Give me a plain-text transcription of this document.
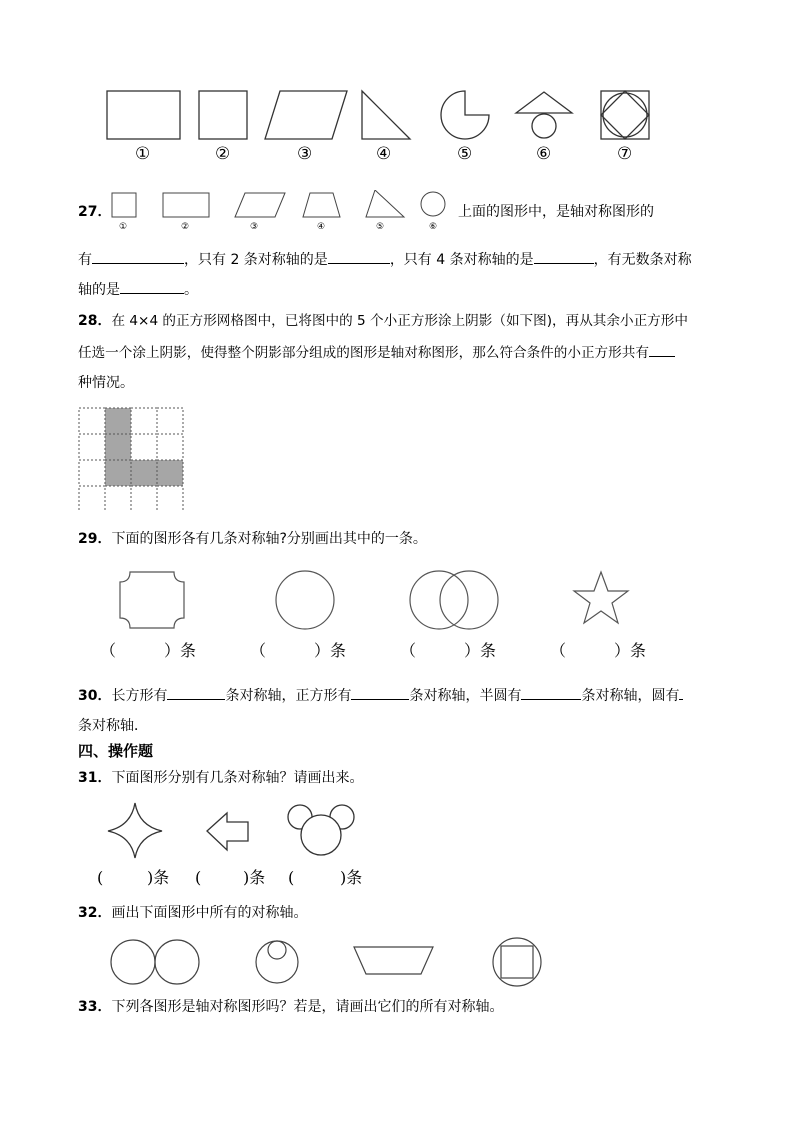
①	②	③	④	⑤	⑥	⑦
27．
①	②	③	④	⑤	⑥
上面的图形中，是轴对称图形的
有	，只有 2 条对称轴的是	，只有 4 条对称轴的是	，有无数条对称
轴的是	。
28．在 4×4 的正方形网格图中，已将图中的 5 个小正方形涂上阴影（如下图)，再从其余小正方形中
任选一个涂上阴影，使得整个阴影部分组成的图形是轴对称图形，那么符合条件的小正方形共有
种情况。
29．下面的图形各有几条对称轴?分别画出其中的一条。
（	）条	（	）条	（	）条	（	）条
30．长方形有	条对称轴，正方形有	条对称轴，半圆有	条对称轴，圆有
条对称轴．
四、操作题
31．下面图形分别有几条对称轴？请画出来。
(	)条 (	)条 (	)条
32．画出下面图形中所有的对称轴。
33．下列各图形是轴对称图形吗？若是，请画出它们的所有对称轴。
